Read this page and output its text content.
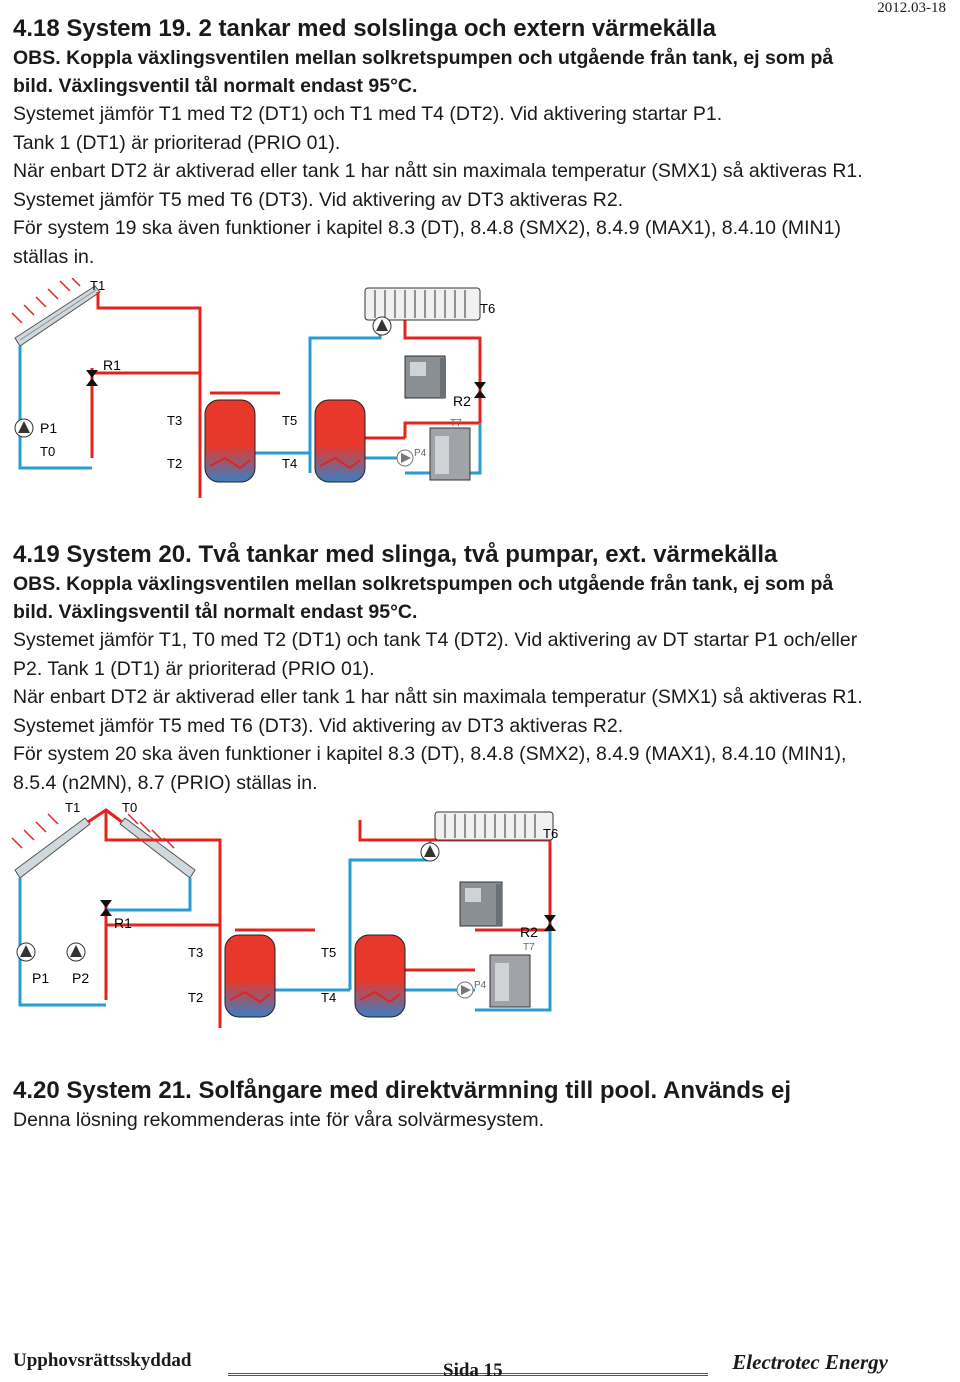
2012.03-18

4.18 System 19. 2 tankar med solslinga och extern värmekälla

OBS. Koppla växlingsventilen mellan solkretspumpen och utgående från tank, ej som på

bild. Växlingsventil tål normalt endast 95°C.

Systemet jämför T1 med T2 (DT1) och T1 med T4 (DT2). Vid aktivering startar P1.

Tank 1 (DT1) är prioriterad (PRIO 01).

När enbart DT2 är aktiverad eller tank 1 har nått sin maximala temperatur (SMX1) så aktiveras R1.

Systemet jämför T5 med T6 (DT3). Vid aktivering av DT3 aktiveras R2.

För system 19 ska även funktioner i kapitel 8.3 (DT), 8.4.8 (SMX2), 8.4.9 (MAX1), 8.4.10 (MIN1)

ställas in.

T1
T6
R1
R2
P1
T0
T3	T5
T2	T4
T7
P4

4.19 System 20. Två tankar med slinga, två pumpar, ext. värmekälla

OBS. Koppla växlingsventilen mellan solkretspumpen och utgående från tank, ej som på

bild. Växlingsventil tål normalt endast 95°C.

Systemet jämför T1, T0 med T2 (DT1) och tank T4 (DT2). Vid aktivering av DT startar P1 och/eller

P2. Tank 1 (DT1) är prioriterad (PRIO 01).

När enbart DT2 är aktiverad eller tank 1 har nått sin maximala temperatur (SMX1) så aktiveras R1.

Systemet jämför T5 med T6 (DT3). Vid aktivering av DT3 aktiveras R2.

För system 20 ska även funktioner i kapitel 8.3 (DT), 8.4.8 (SMX2), 8.4.9 (MAX1), 8.4.10 (MIN1),

8.5.4 (n2MN), 8.7 (PRIO) ställas in.

T1	T0
T6
R1
R2
T7
P1 P2
T3	T5
T2	T4
P4

4.20 System 21. Solfångare med direktvärmning till pool. Används ej

Denna lösning rekommenderas inte för våra solvärmesystem.

Upphovsrättsskyddad	Sida 15	Electrotec Energy
